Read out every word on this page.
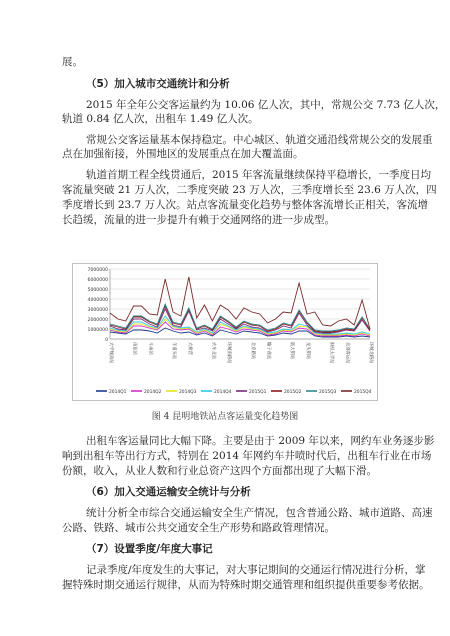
展。
（5）加入城市交通统计和分析
2015 年全年公交客运量约为 10.06 亿人次，其中，常规公交 7.73 亿人次，
轨道 0.84 亿人次，出租车 1.49 亿人次。
常规公交客运量基本保持稳定。中心城区、轨道交通沿线常规公交的发展重
点在加强衔接，外围地区的发展重点在加大覆盖面。
轨道首期工程全线贯通后，2015 年客流量继续保持平稳增长，一季度日均
客流量突破 21 万人次，二季度突破 23 万人次，三季度增长至 23.6 万人次，四
季度增长到 23.7 万人次。站点客流量变化趋势与整体客流增长正相关，客流增
长趋缓，流量的进一步提升有赖于交通网络的进一步成型。
0
1000000
2000000
3000000
4000000
5000000
6000000
7000000
大学城南站	雨花站	斗南站	羊甫头站	大树营	火车北站	环城南路站	北京路站	塘子巷站	联大街站	龙头街站	财经大学站	北部客运站	环城北路站
2014Q1	2014Q2	2014Q3	2014Q4	2015Q1	2015Q2	2015Q3	2015Q4
图 4 昆明地铁站点客运量变化趋势图
出租车客运量同比大幅下降。主要是由于 2009 年以来，网约车业务逐步影
响到出租车等出行方式，特别在 2014 年网约车井喷时代后，出租车行业在市场
份额，收入，从业人数和行业总资产这四个方面都出现了大幅下滑。
（6）加入交通运输安全统计与分析
统计分析全市综合交通运输安全生产情况，包含普通公路、城市道路、高速
公路、铁路、城市公共交通安全生产形势和路政管理情况。
（7）设置季度/年度大事记
记录季度/年度发生的大事记，对大事记期间的交通运行情况进行分析，掌
握特殊时期交通运行规律，从而为特殊时期交通管理和组织提供重要参考依据。
